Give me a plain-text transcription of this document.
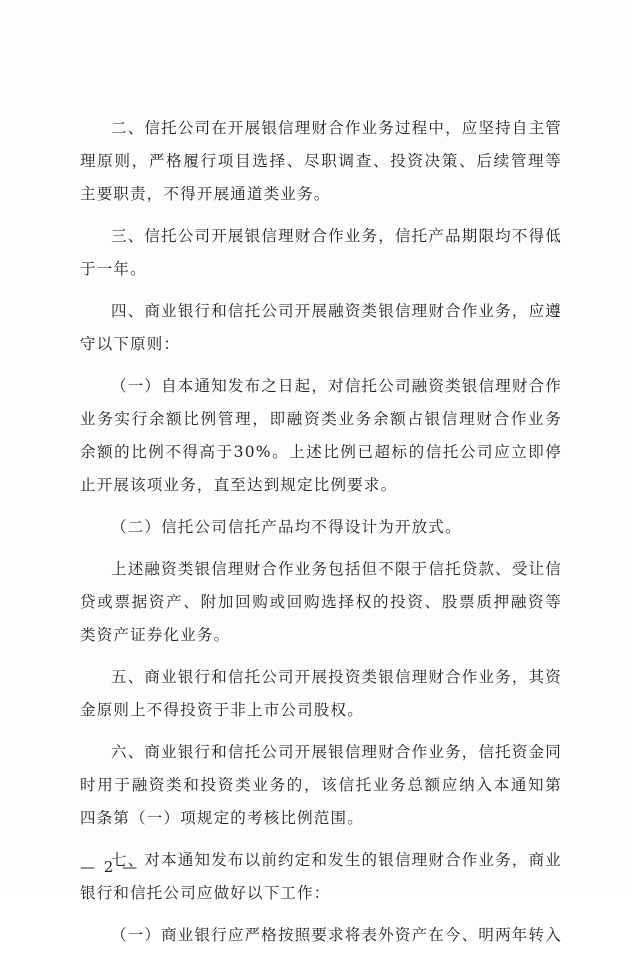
二、信托公司在开展银信理财合作业务过程中，应坚持自主管理原则，严格履行项目选择、尽职调查、投资决策、后续管理等主要职责，不得开展通道类业务。

三、信托公司开展银信理财合作业务，信托产品期限均不得低于一年。

四、商业银行和信托公司开展融资类银信理财合作业务，应遵守以下原则：

（一）自本通知发布之日起，对信托公司融资类银信理财合作业务实行余额比例管理，即融资类业务余额占银信理财合作业务余额的比例不得高于30%。上述比例已超标的信托公司应立即停止开展该项业务，直至达到规定比例要求。

（二）信托公司信托产品均不得设计为开放式。

上述融资类银信理财合作业务包括但不限于信托贷款、受让信贷或票据资产、附加回购或回购选择权的投资、股票质押融资等类资产证券化业务。

五、商业银行和信托公司开展投资类银信理财合作业务，其资金原则上不得投资于非上市公司股权。

六、商业银行和信托公司开展银信理财合作业务，信托资金同时用于融资类和投资类业务的，该信托业务总额应纳入本通知第四条第（一）项规定的考核比例范围。

七、对本通知发布以前约定和发生的银信理财合作业务，商业银行和信托公司应做好以下工作：

（一）商业银行应严格按照要求将表外资产在今、明两年转入

— 2 —
